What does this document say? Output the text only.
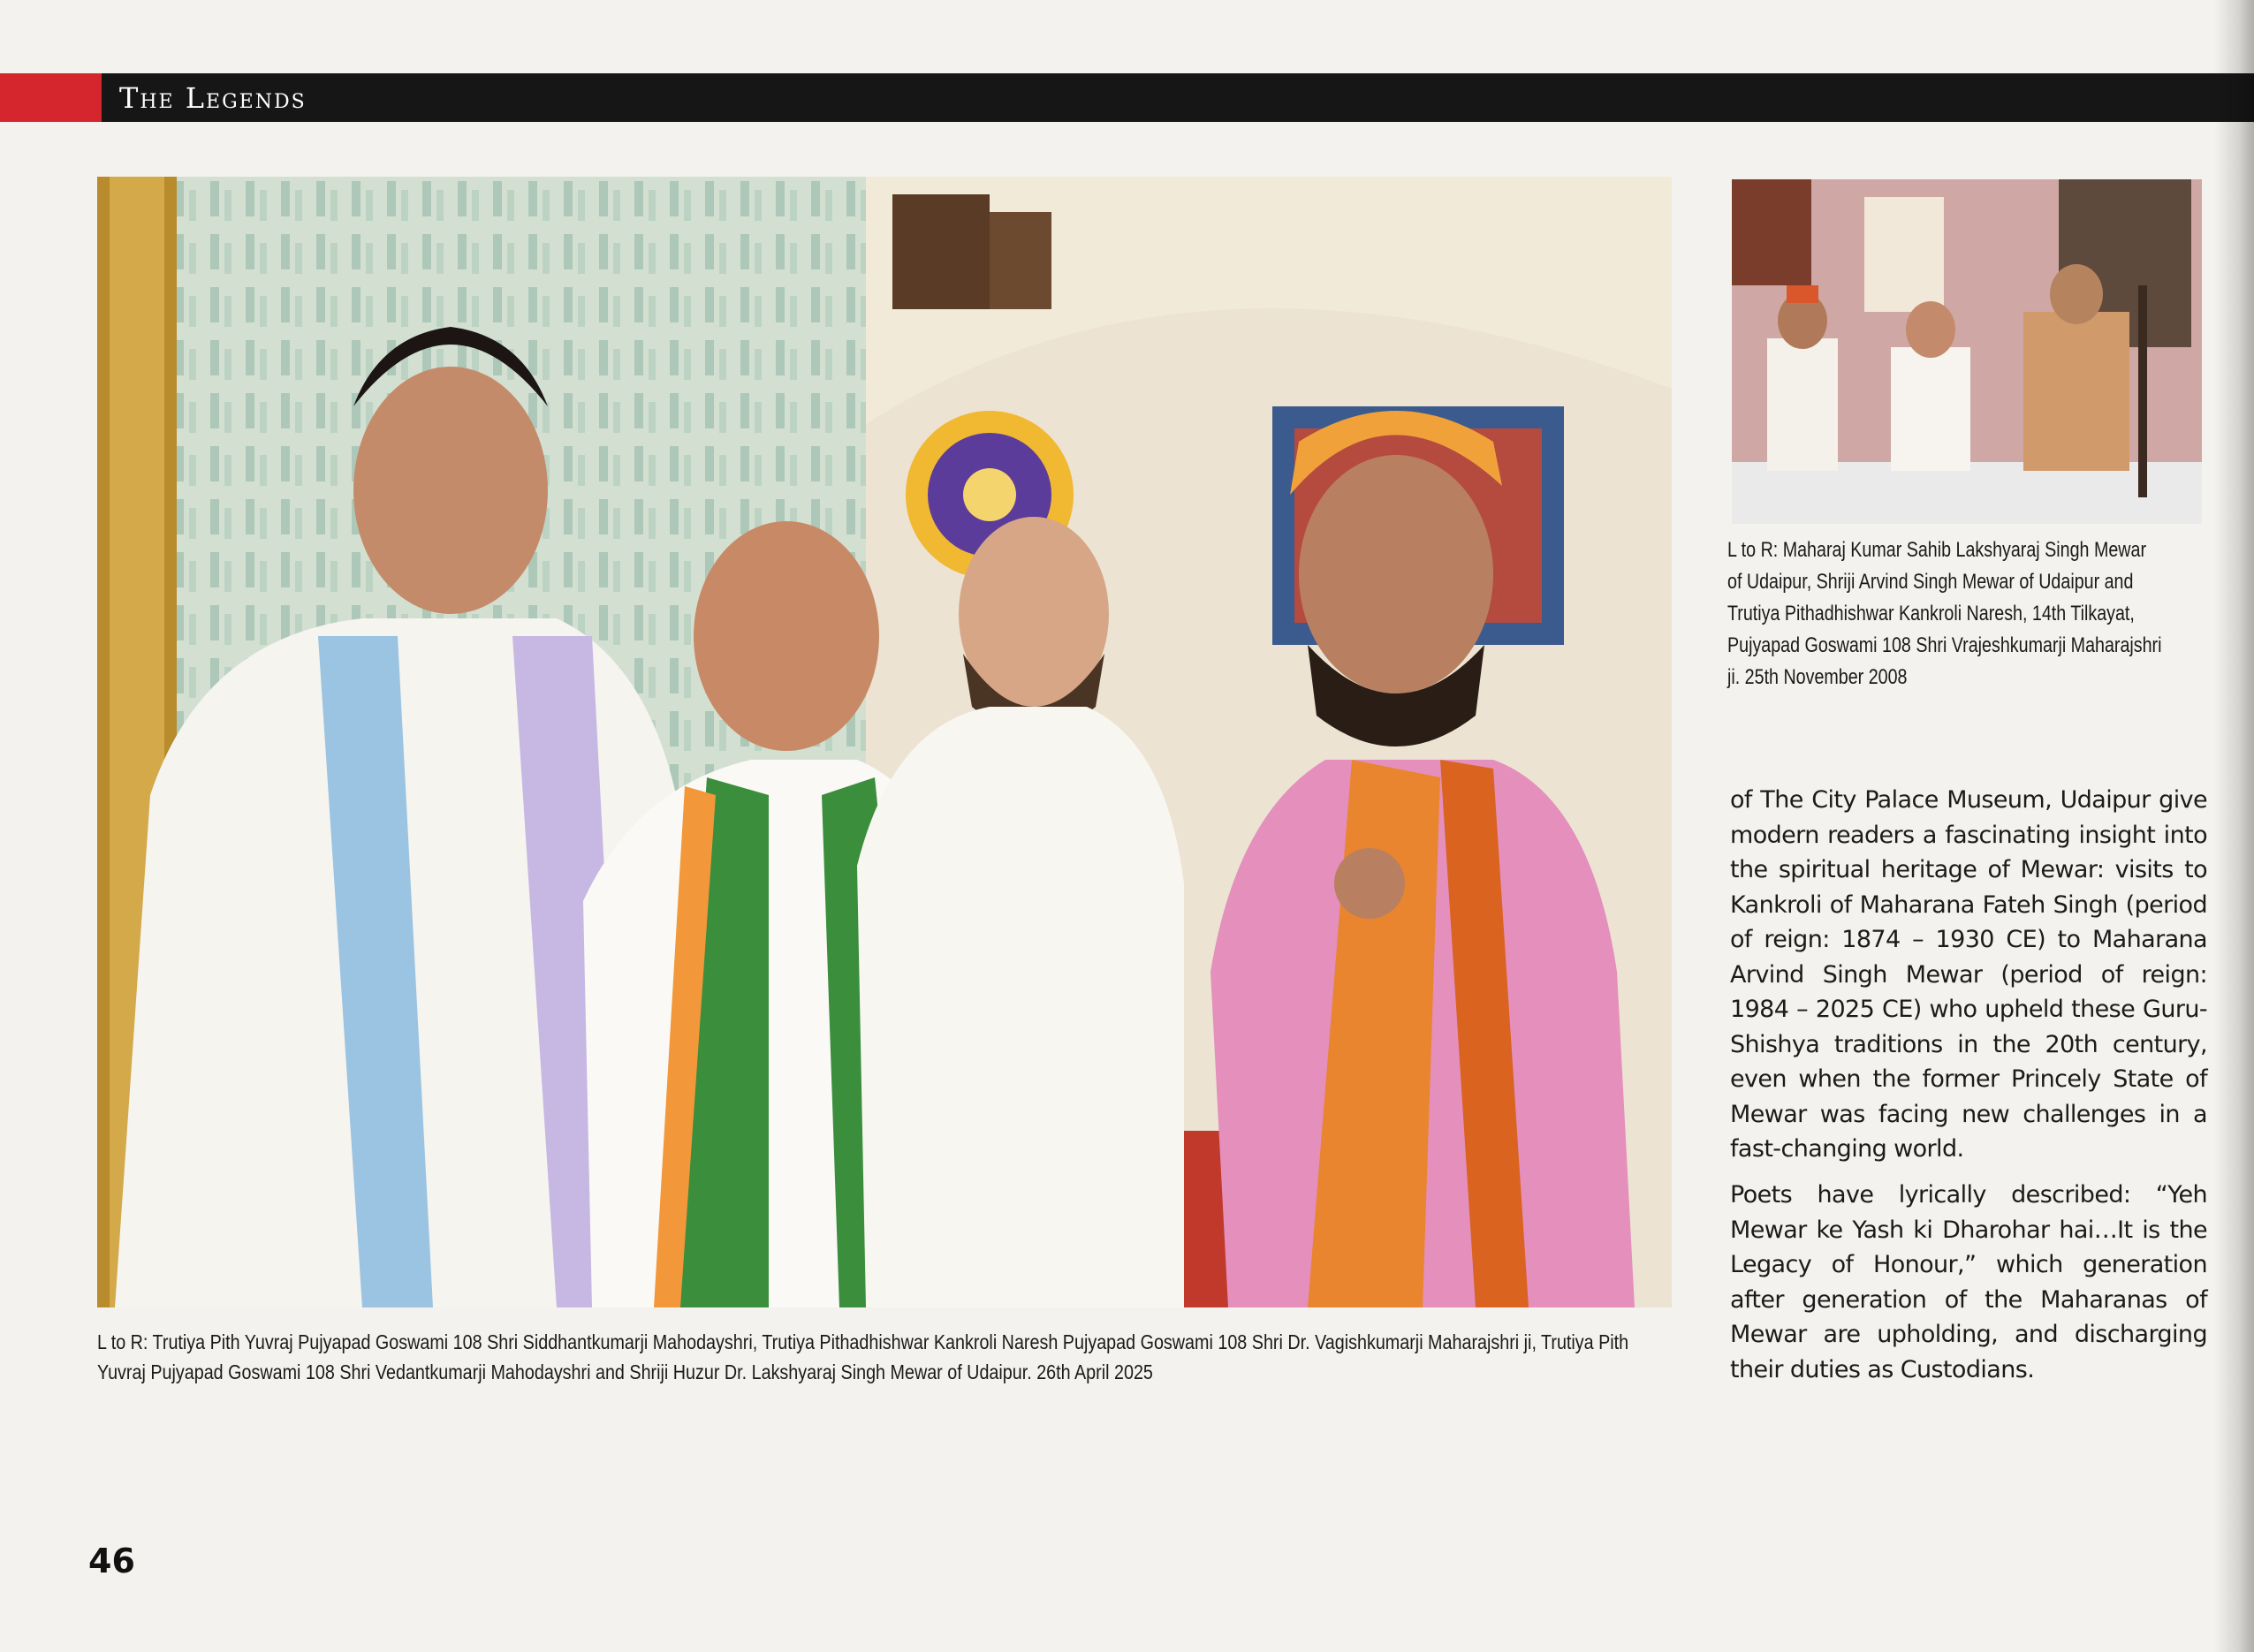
The Legends
L to R: Trutiya Pith Yuvraj Pujyapad Goswami 108 Shri Siddhantkumarji Mahodayshri, Trutiya Pithadhishwar Kankroli Naresh Pujyapad Goswami 108 Shri Dr. Vagishkumarji Maharajshri ji, Trutiya Pith Yuvraj Pujyapad Goswami 108 Shri Vedantkumarji Mahodayshri and Shriji Huzur Dr. Lakshyaraj Singh Mewar of Udaipur. 26th April 2025
L to R: Maharaj Kumar Sahib Lakshyaraj Singh Mewar of Udaipur, Shriji Arvind Singh Mewar of Udaipur and Trutiya Pithadhishwar Kankroli Naresh, 14th Tilkayat, Pujyapad Goswami 108 Shri Vrajeshkumarji Maharajshri ji. 25th November 2008
of The City Palace Museum, Udaipur give modern readers a fascinating insight into the spiritual heritage of Mewar: visits to Kankroli of Maharana Fateh Singh (period of reign: 1874 – 1930 CE) to Maharana Arvind Singh Mewar (period of reign: 1984 – 2025 CE) who upheld these Guru-Shishya traditions in the 20th century, even when the former Princely State of Mewar was facing new challenges in a fast-changing world.
Poets have lyrically described: “Yeh Mewar ke Yash ki Dharohar hai…It is the Legacy of Honour,” which generation after generation of the Maharanas of Mewar are upholding, and discharging their duties as Custodians.
46
